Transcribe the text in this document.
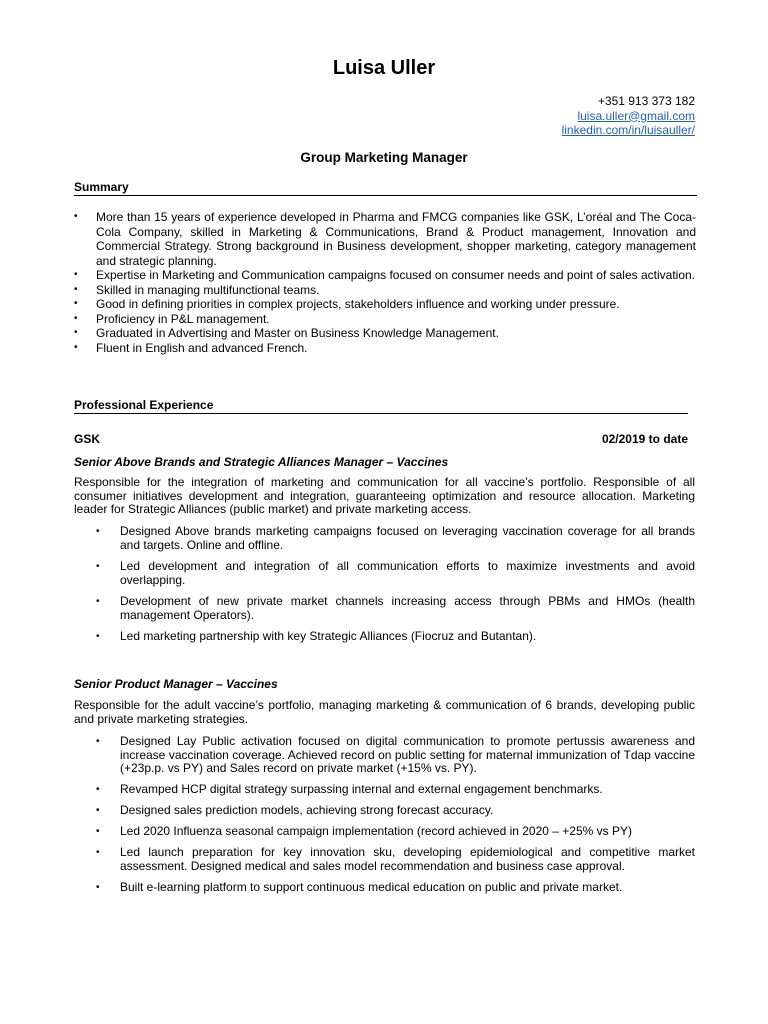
Luisa Uller
+351 913 373 182
luisa.uller@gmail.com
linkedin.com/in/luisauller/
Group Marketing Manager
Summary
• More than 15 years of experience developed in Pharma and FMCG companies like GSK, L’oréal and The Coca-Cola Company, skilled in Marketing & Communications, Brand & Product management, Innovation and Commercial Strategy. Strong background in Business development, shopper marketing, category management and strategic planning.
• Expertise in Marketing and Communication campaigns focused on consumer needs and point of sales activation.
• Skilled in managing multifunctional teams.
• Good in defining priorities in complex projects, stakeholders influence and working under pressure.
• Proficiency in P&L management.
• Graduated in Advertising and Master on Business Knowledge Management.
• Fluent in English and advanced French.
Professional Experience
GSK	02/2019 to date
Senior Above Brands and Strategic Alliances Manager – Vaccines
Responsible for the integration of marketing and communication for all vaccine’s portfolio. Responsible of all consumer initiatives development and integration, guaranteeing optimization and resource allocation. Marketing leader for Strategic Alliances (public market) and private marketing access.
• Designed Above brands marketing campaigns focused on leveraging vaccination coverage for all brands and targets. Online and offline.
• Led development and integration of all communication efforts to maximize investments and avoid overlapping.
• Development of new private market channels increasing access through PBMs and HMOs (health management Operators).
• Led marketing partnership with key Strategic Alliances (Fiocruz and Butantan).
Senior Product Manager – Vaccines
Responsible for the adult vaccine’s portfolio, managing marketing & communication of 6 brands, developing public and private marketing strategies.
• Designed Lay Public activation focused on digital communication to promote pertussis awareness and increase vaccination coverage. Achieved record on public setting for maternal immunization of Tdap vaccine (+23p.p. vs PY) and Sales record on private market (+15% vs. PY).
• Revamped HCP digital strategy surpassing internal and external engagement benchmarks.
• Designed sales prediction models, achieving strong forecast accuracy.
• Led 2020 Influenza seasonal campaign implementation (record achieved in 2020 – +25% vs PY)
• Led launch preparation for key innovation sku, developing epidemiological and competitive market assessment. Designed medical and sales model recommendation and business case approval.
• Built e-learning platform to support continuous medical education on public and private market.
